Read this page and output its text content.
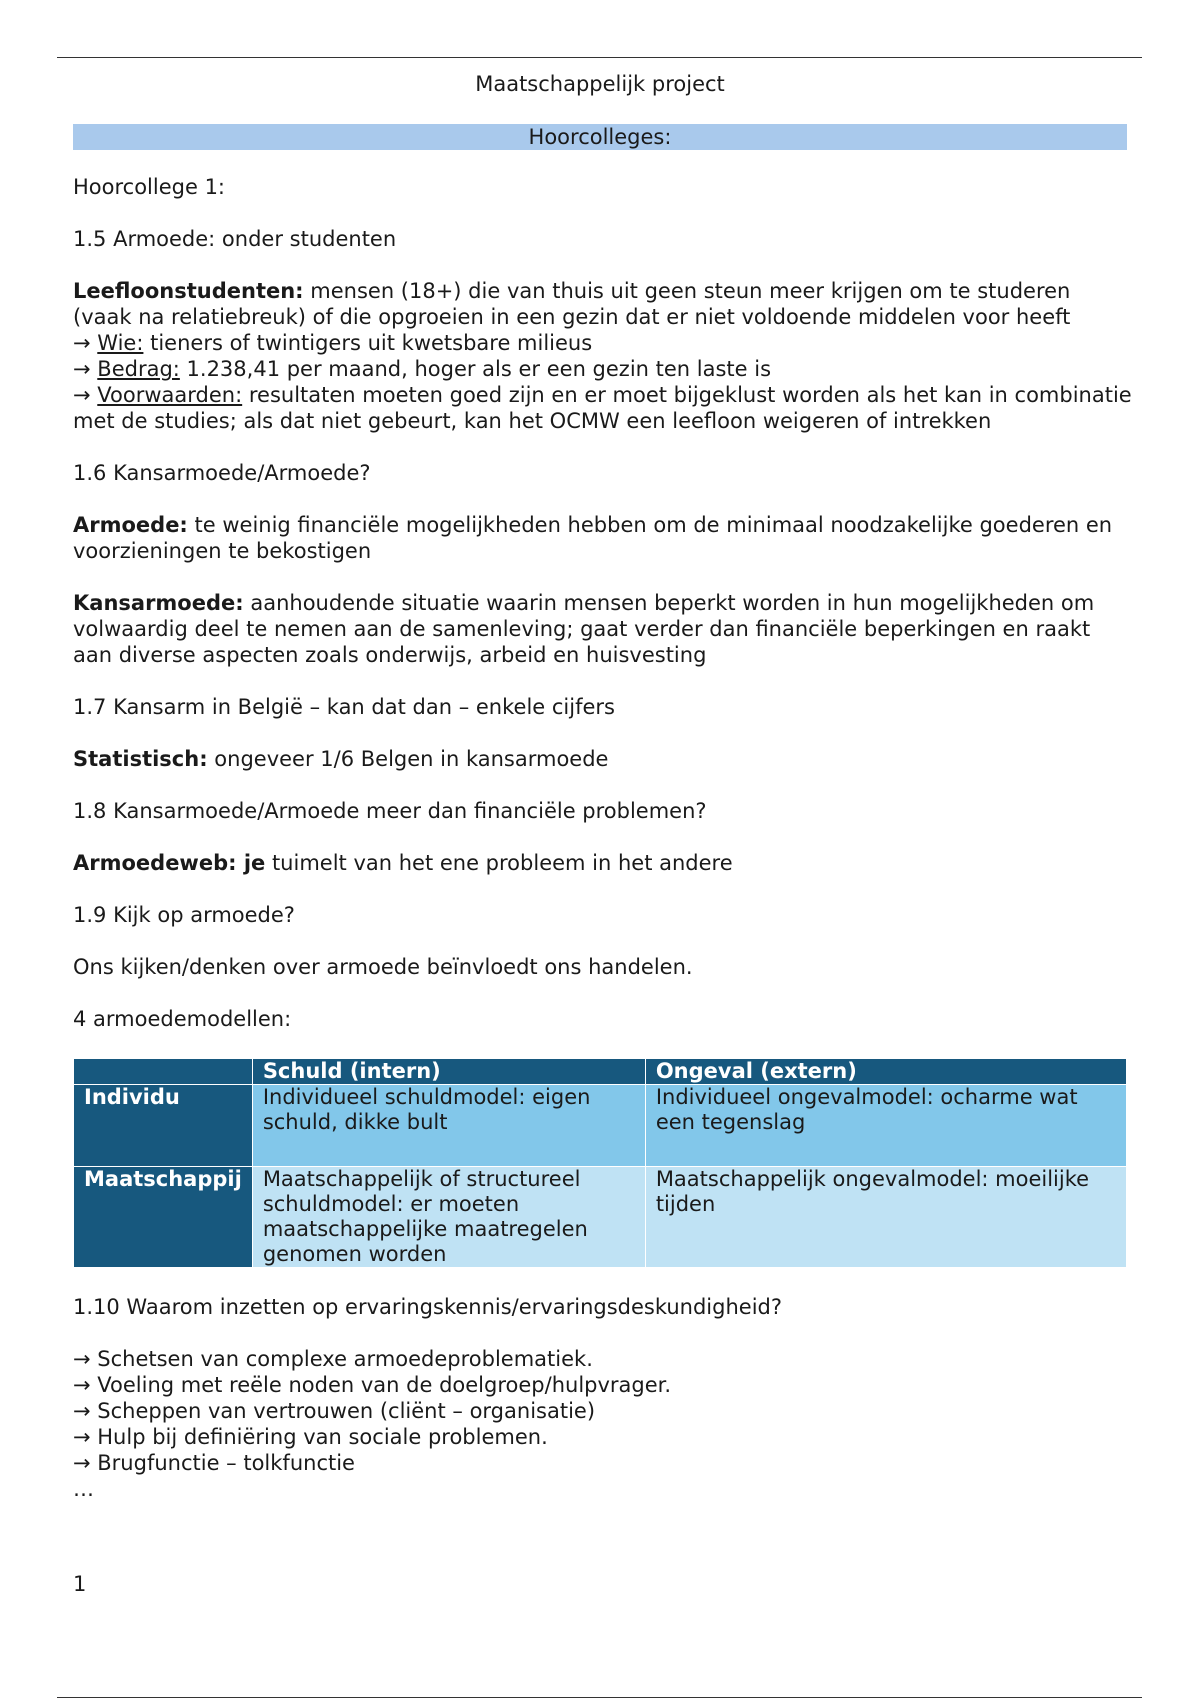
Maatschappelijk project
Hoorcolleges:

Hoorcollege 1:

1.5 Armoede: onder studenten

Leefloonstudenten: mensen (18+) die van thuis uit geen steun meer krijgen om te studeren (vaak na relatiebreuk) of die opgroeien in een gezin dat er niet voldoende middelen voor heeft
→ Wie: tieners of twintigers uit kwetsbare milieus
→ Bedrag: 1.238,41 per maand, hoger als er een gezin ten laste is
→ Voorwaarden: resultaten moeten goed zijn en er moet bijgeklust worden als het kan in combinatie met de studies; als dat niet gebeurt, kan het OCMW een leefloon weigeren of intrekken

1.6 Kansarmoede/Armoede?

Armoede: te weinig financiële mogelijkheden hebben om de minimaal noodzakelijke goederen en voorzieningen te bekostigen

Kansarmoede: aanhoudende situatie waarin mensen beperkt worden in hun mogelijkheden om volwaardig deel te nemen aan de samenleving; gaat verder dan financiële beperkingen en raakt aan diverse aspecten zoals onderwijs, arbeid en huisvesting

1.7 Kansarm in België – kan dat dan – enkele cijfers

Statistisch: ongeveer 1/6 Belgen in kansarmoede

1.8 Kansarmoede/Armoede meer dan financiële problemen?

Armoedeweb: je tuimelt van het ene probleem in het andere

1.9 Kijk op armoede?

Ons kijken/denken over armoede beïnvloedt ons handelen.

4 armoedemodellen:

	Schuld (intern)	Ongeval (extern)
Individu	Individueel schuldmodel: eigen schuld, dikke bult	Individueel ongevalmodel: ocharme wat een tegenslag
Maatschappij	Maatschappelijk of structureel schuldmodel: er moeten maatschappelijke maatregelen genomen worden	Maatschappelijk ongevalmodel: moeilijke tijden

1.10 Waarom inzetten op ervaringskennis/ervaringsdeskundigheid?

→ Schetsen van complexe armoedeproblematiek.
→ Voeling met reële noden van de doelgroep/hulpvrager.
→ Scheppen van vertrouwen (cliënt – organisatie)
→ Hulp bij definiëring van sociale problemen.
→ Brugfunctie – tolkfunctie
…
1
